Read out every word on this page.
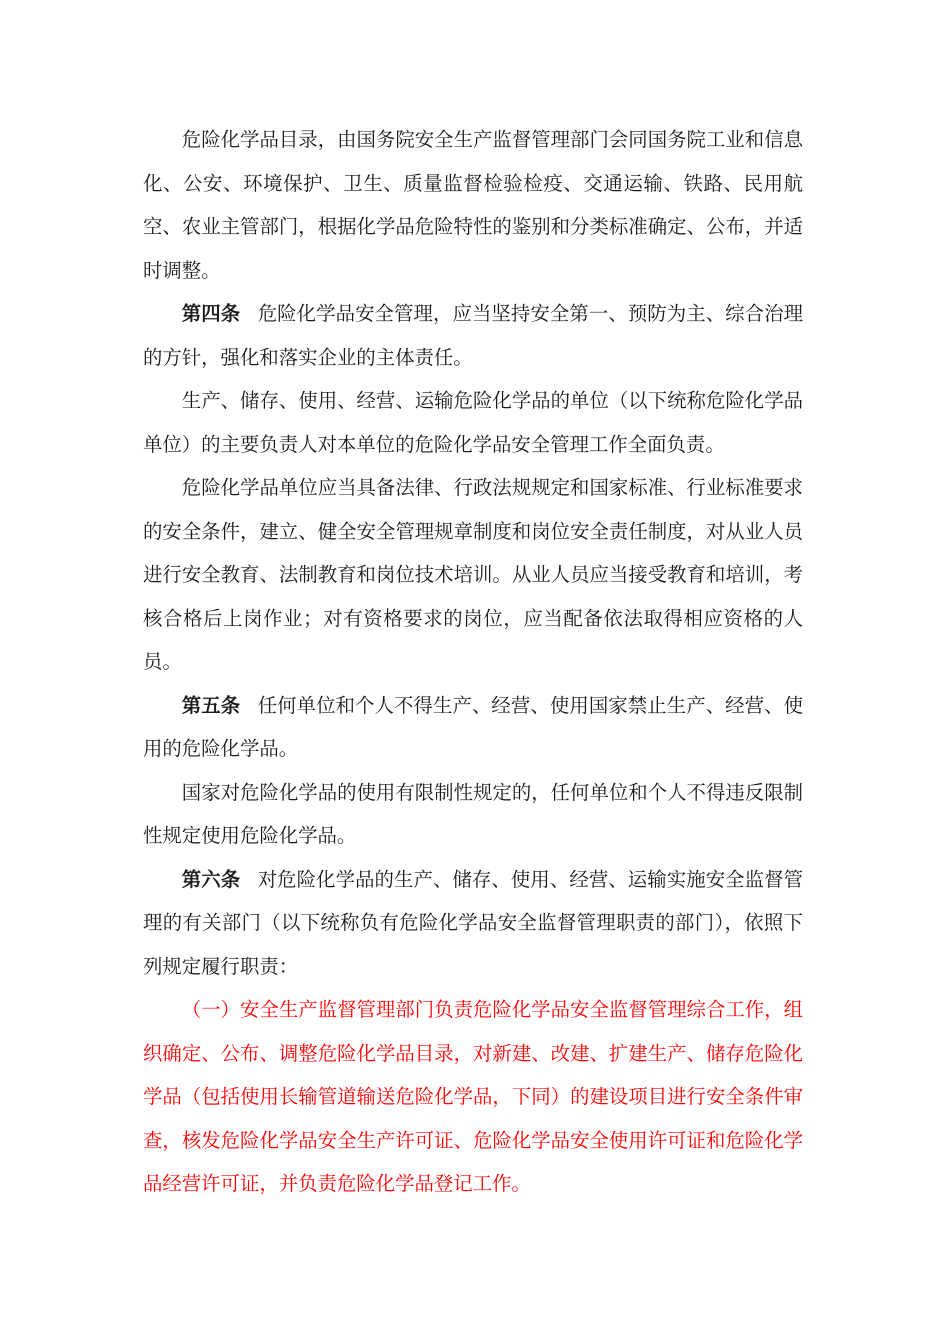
危险化学品目录，由国务院安全生产监督管理部门会同国务院工业和信息化、公安、环境保护、卫生、质量监督检验检疫、交通运输、铁路、民用航空、农业主管部门，根据化学品危险特性的鉴别和分类标准确定、公布，并适时调整。

第四条 危险化学品安全管理，应当坚持安全第一、预防为主、综合治理的方针，强化和落实企业的主体责任。

生产、储存、使用、经营、运输危险化学品的单位（以下统称危险化学品单位）的主要负责人对本单位的危险化学品安全管理工作全面负责。

危险化学品单位应当具备法律、行政法规规定和国家标准、行业标准要求的安全条件，建立、健全安全管理规章制度和岗位安全责任制度，对从业人员进行安全教育、法制教育和岗位技术培训。从业人员应当接受教育和培训，考核合格后上岗作业；对有资格要求的岗位，应当配备依法取得相应资格的人员。

第五条 任何单位和个人不得生产、经营、使用国家禁止生产、经营、使用的危险化学品。

国家对危险化学品的使用有限制性规定的，任何单位和个人不得违反限制性规定使用危险化学品。

第六条 对危险化学品的生产、储存、使用、经营、运输实施安全监督管理的有关部门（以下统称负有危险化学品安全监督管理职责的部门），依照下列规定履行职责：

（一）安全生产监督管理部门负责危险化学品安全监督管理综合工作，组织确定、公布、调整危险化学品目录，对新建、改建、扩建生产、储存危险化学品（包括使用长输管道输送危险化学品，下同）的建设项目进行安全条件审查，核发危险化学品安全生产许可证、危险化学品安全使用许可证和危险化学品经营许可证，并负责危险化学品登记工作。
